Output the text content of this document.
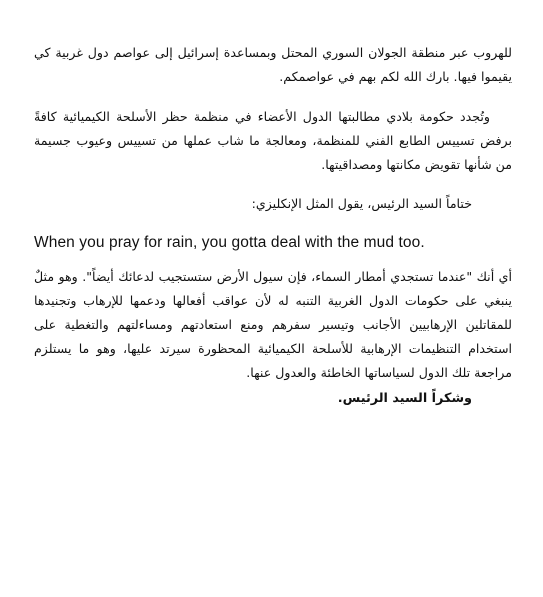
للهروب عبر منطقة الجولان السوري المحتل وبمساعدة إسرائيل إلى عواصم دول غربية كي يقيموا فيها. بارك الله لكم بهم في عواصمكم.

وتُجدد حكومة بلادي مطالبتها الدول الأعضاء في منظمة حظر الأسلحة الكيميائية كافةً برفض تسييس الطابع الفني للمنظمة، ومعالجة ما شاب عملها من تسييس وعيوب جسيمة من شأنها تقويض مكانتها ومصداقيتها.

ختاماً السيد الرئيس، يقول المثل الإنكليزي:

When you pray for rain, you gotta deal with the mud too.

أي أنك "عندما تستجدي أمطار السماء، فإن سيول الأرض ستستجيب لدعائك أيضاً". وهو مثلٌ ينبغي على حكومات الدول الغربية التنبه له لأن عواقب أفعالها ودعمها للإرهاب وتجنيدها للمقاتلين الإرهابيين الأجانب وتيسير سفرهم ومنع استعادتهم ومساءلتهم والتغطية على استخدام التنظيمات الإرهابية للأسلحة الكيميائية المحظورة سيرتد عليها، وهو ما يستلزم مراجعة تلك الدول لسياساتها الخاطئة والعدول عنها.

وشكراً السيد الرئيس.
